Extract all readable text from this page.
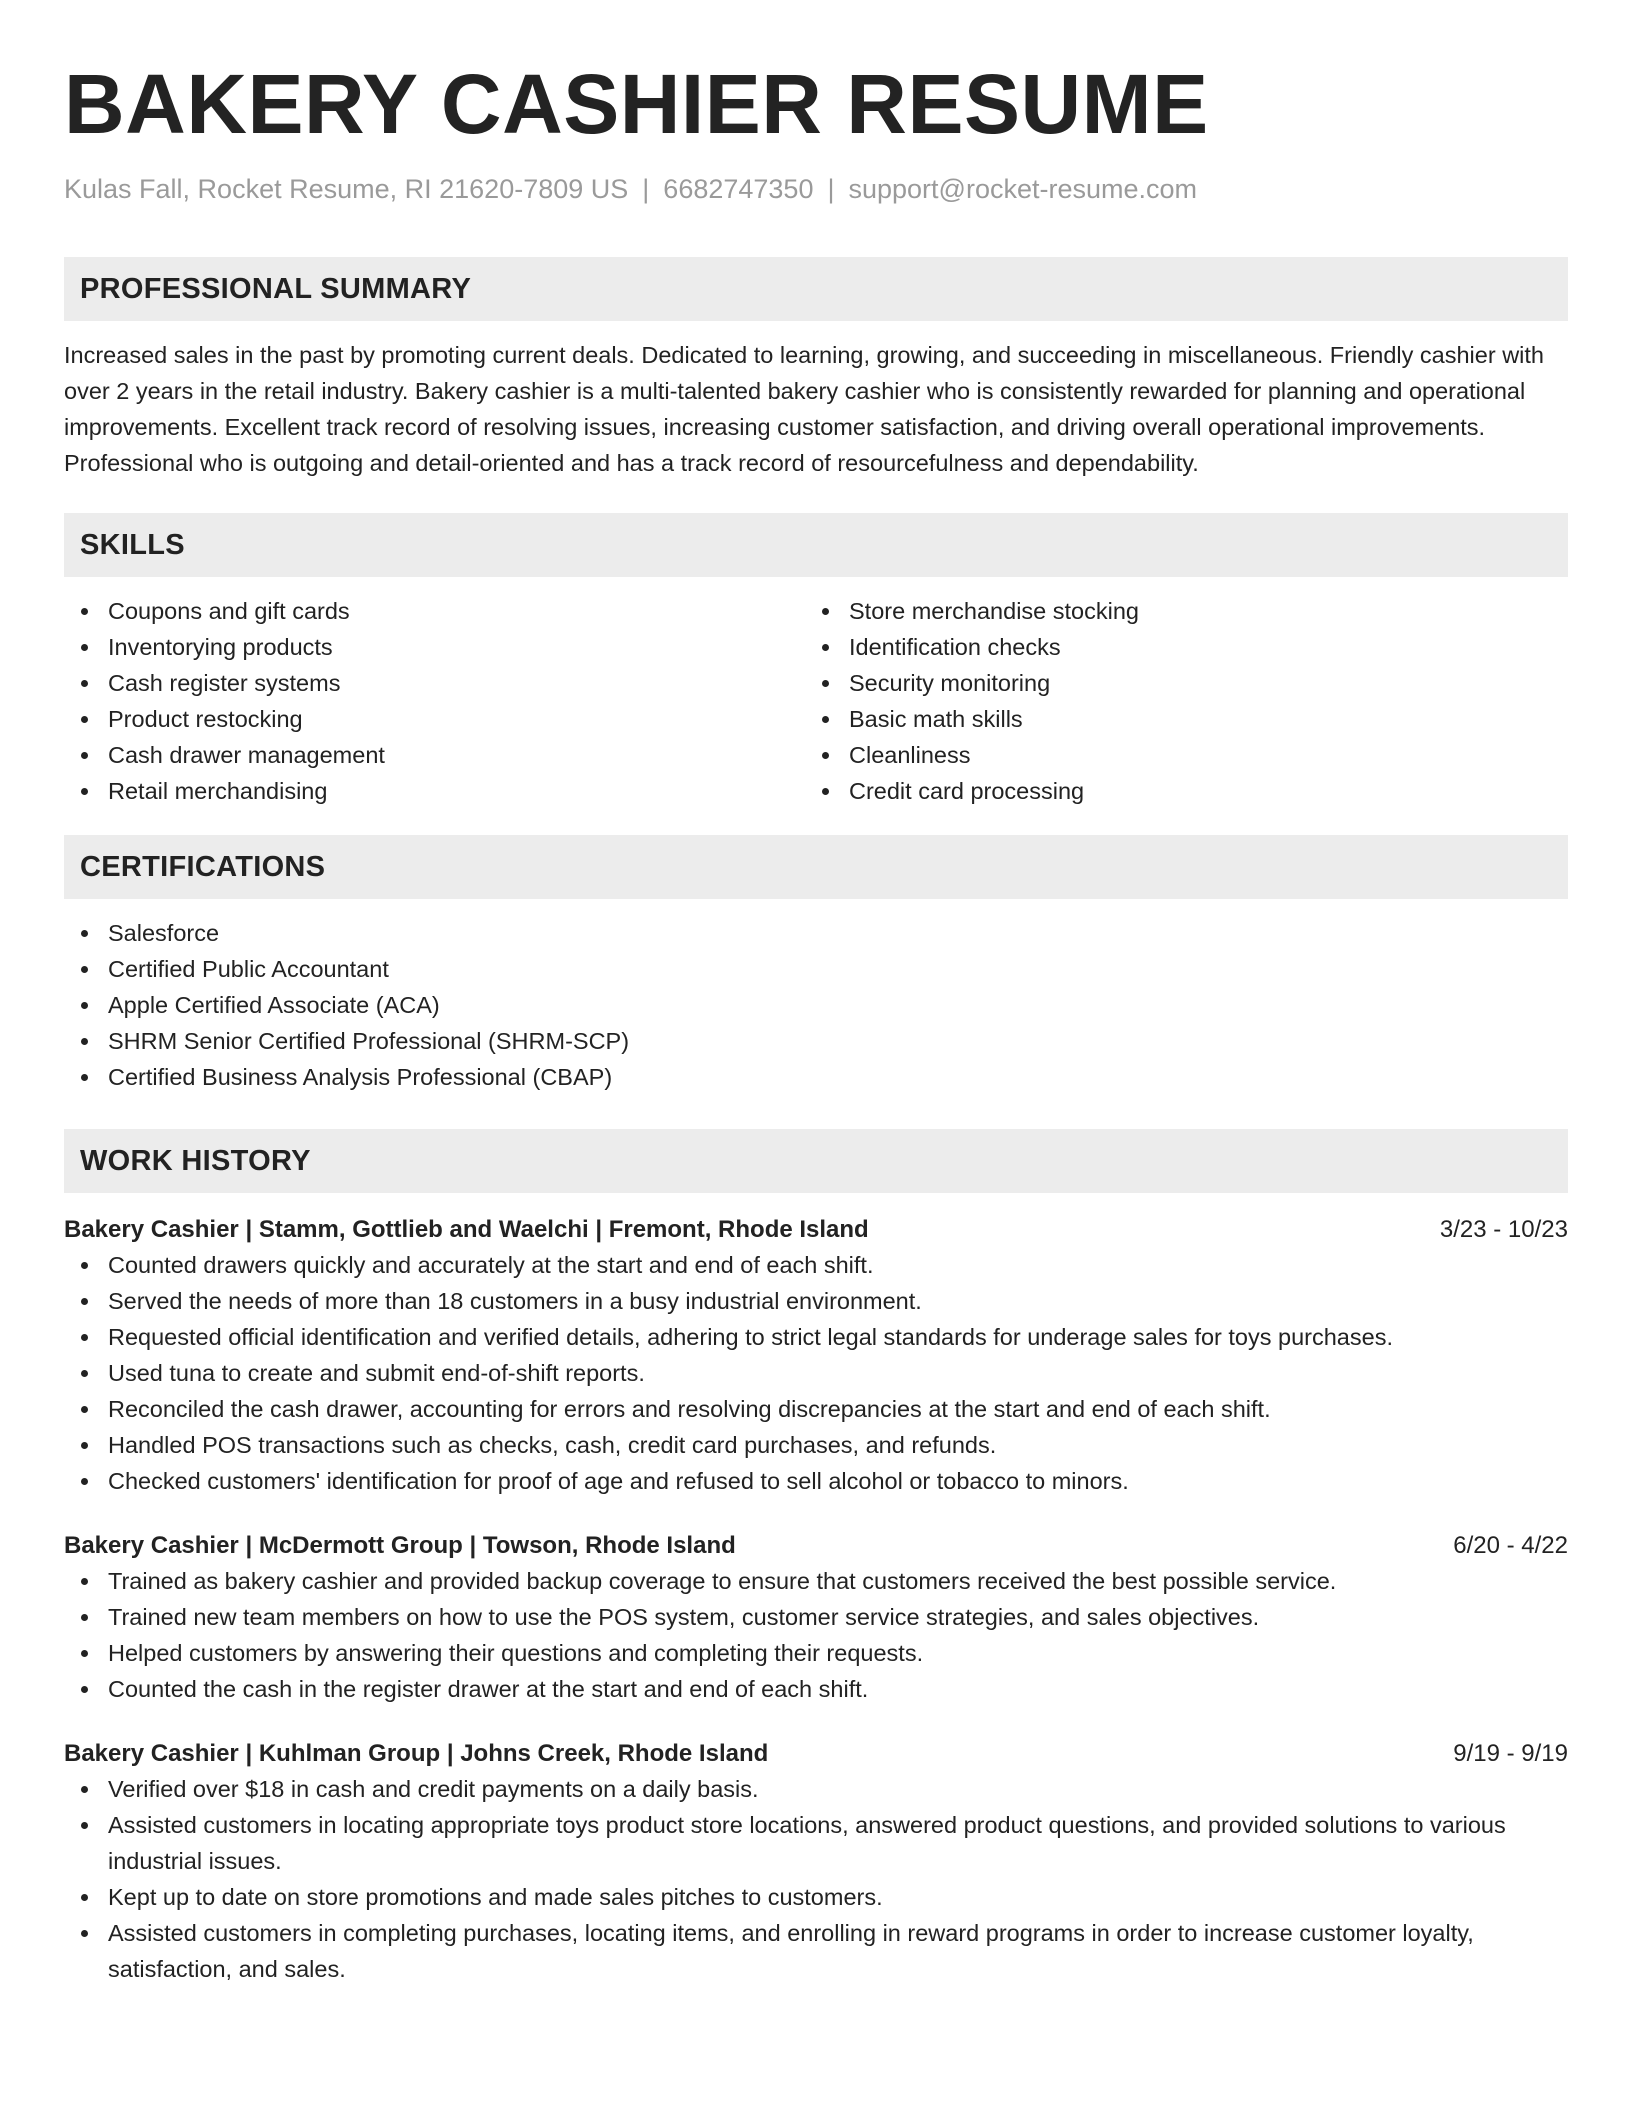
BAKERY CASHIER RESUME
Kulas Fall, Rocket Resume, RI 21620-7809 US | 6682747350 | support@rocket-resume.com
PROFESSIONAL SUMMARY

Increased sales in the past by promoting current deals. Dedicated to learning, growing, and succeeding in miscellaneous. Friendly cashier with over 2 years in the retail industry. Bakery cashier is a multi-talented bakery cashier who is consistently rewarded for planning and operational improvements. Excellent track record of resolving issues, increasing customer satisfaction, and driving overall operational improvements. Professional who is outgoing and detail-oriented and has a track record of resourcefulness and dependability.

SKILLS
Coupons and gift cards
Inventorying products
Cash register systems
Product restocking
Cash drawer management
Retail merchandising
Store merchandise stocking
Identification checks
Security monitoring
Basic math skills
Cleanliness
Credit card processing
CERTIFICATIONS
Salesforce
Certified Public Accountant
Apple Certified Associate (ACA)
SHRM Senior Certified Professional (SHRM-SCP)
Certified Business Analysis Professional (CBAP)
WORK HISTORY
Bakery Cashier | Stamm, Gottlieb and Waelchi | Fremont, Rhode Island	3/23 - 10/23
Counted drawers quickly and accurately at the start and end of each shift.
Served the needs of more than 18 customers in a busy industrial environment.
Requested official identification and verified details, adhering to strict legal standards for underage sales for toys purchases.
Used tuna to create and submit end-of-shift reports.
Reconciled the cash drawer, accounting for errors and resolving discrepancies at the start and end of each shift.
Handled POS transactions such as checks, cash, credit card purchases, and refunds.
Checked customers' identification for proof of age and refused to sell alcohol or tobacco to minors.
Bakery Cashier | McDermott Group | Towson, Rhode Island	6/20 - 4/22
Trained as bakery cashier and provided backup coverage to ensure that customers received the best possible service.
Trained new team members on how to use the POS system, customer service strategies, and sales objectives.
Helped customers by answering their questions and completing their requests.
Counted the cash in the register drawer at the start and end of each shift.
Bakery Cashier | Kuhlman Group | Johns Creek, Rhode Island	9/19 - 9/19
Verified over $18 in cash and credit payments on a daily basis.
Assisted customers in locating appropriate toys product store locations, answered product questions, and provided solutions to various industrial issues.
Kept up to date on store promotions and made sales pitches to customers.
Assisted customers in completing purchases, locating items, and enrolling in reward programs in order to increase customer loyalty, satisfaction, and sales.
